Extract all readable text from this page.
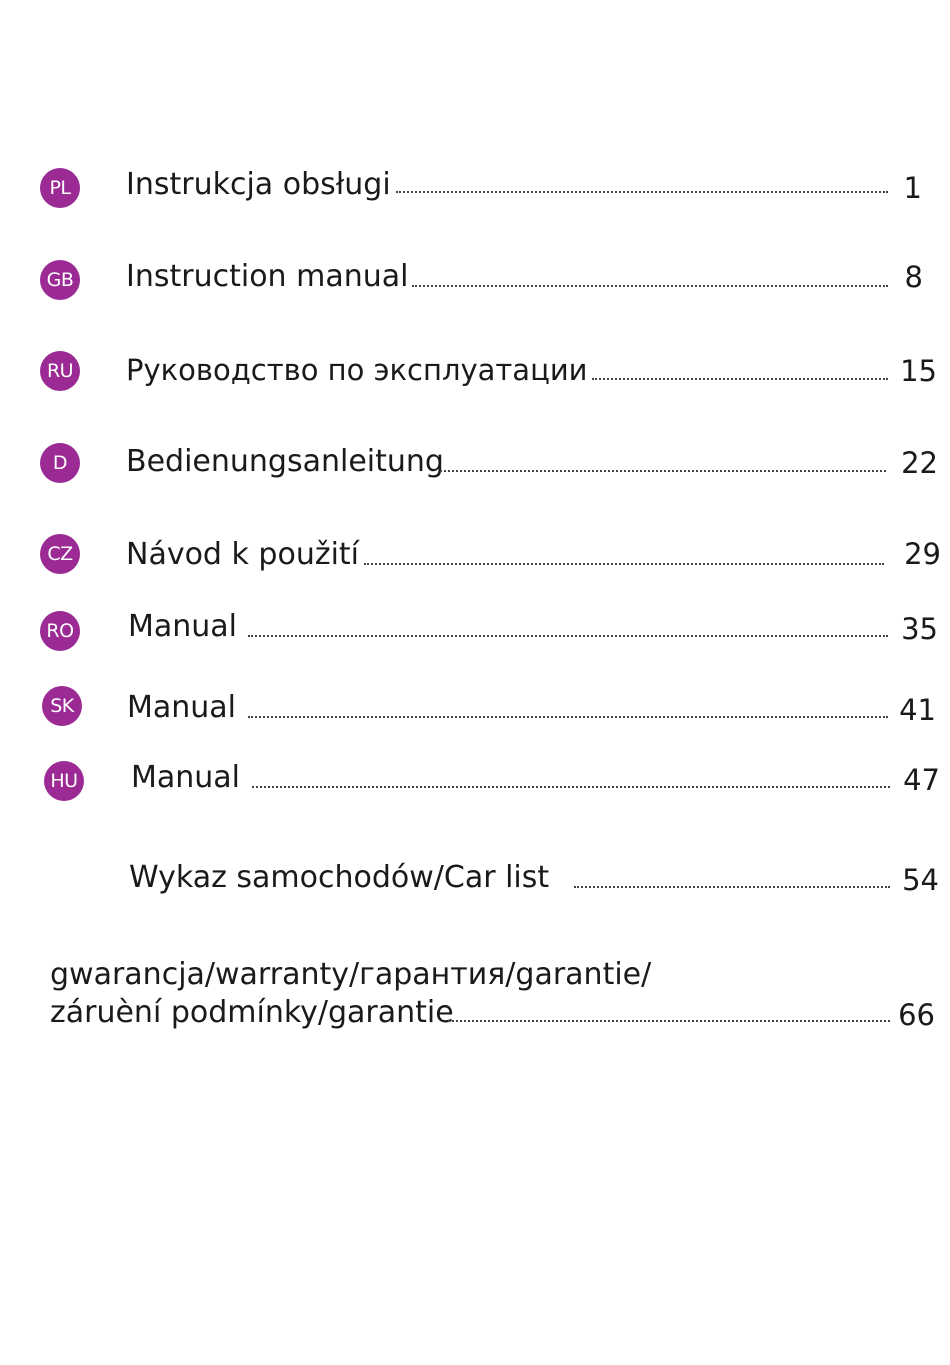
PL	Instrukcja obsługi	1
GB Instruction manual	8
RU Руководство по эксплуатации	15
D	Bedienungsanleitung	22
CZ Návod k použití	29
RO Manual	35
SK Manual	41
HU Manual	47
Wykaz samochodów/Car list	54
gwarancja/warranty/гарантия/garantie/
záruèní podmínky/garantie	66
